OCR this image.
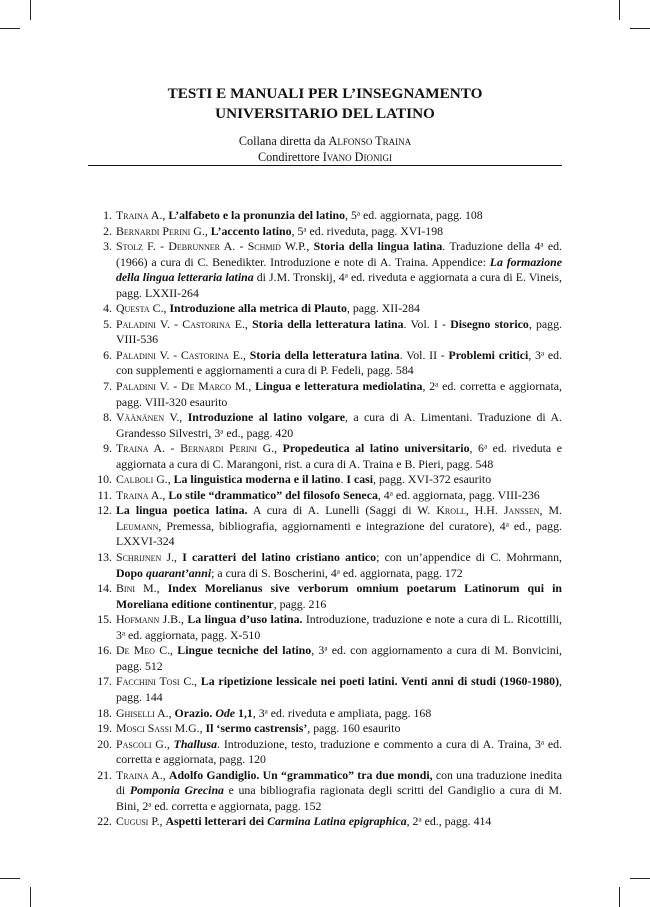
TESTI E MANUALI PER L’INSEGNAMENTO
UNIVERSITARIO DEL LATINO
Collana diretta da Alfonso Traina
Condirettore Ivano Dionigi
1. Traina A., L’alfabeto e la pronunzia del latino, 5$^a$ ed. aggiornata, pagg. 108
2. Bernardi Perini G., L’accento latino, 5$^a$ ed. riveduta, pagg. XVI-198
3. Stolz F. - Debrunner A. - Schmid W.P., Storia della lingua latina. Traduzione della 4$^a$ ed. (1966) a cura di C. Benedikter. Introduzione e note di A. Traina. Appendice: La formazione della lingua letteraria latina di J.M. Tronskij, 4$^a$ ed. riveduta e aggiornata a cura di E. Vineis, pagg. LXXII-264
4. Questa C., Introduzione alla metrica di Plauto, pagg. XII-284
5. Paladini V. - Castorina E., Storia della letteratura latina. Vol. I - Disegno storico, pagg. VIII-536
6. Paladini V. - Castorina E., Storia della letteratura latina. Vol. II - Problemi critici, 3$^a$ ed. con supplementi e aggiornamenti a cura di P. Fedeli, pagg. 584
7. Paladini V. - De Marco M., Lingua e letteratura mediolatina, 2$^a$ ed. corretta e aggiornata, pagg. VIII-320 esaurito
8. Väänänen V., Introduzione al latino volgare, a cura di A. Limentani. Traduzione di A. Grandesso Silvestri, 3$^a$ ed., pagg. 420
9. Traina A. - Bernardi Perini G., Propedeutica al latino universitario, 6$^a$ ed. riveduta e aggiornata a cura di C. Marangoni, rist. a cura di A. Traina e B. Pieri, pagg. 548
10. Calboli G., La linguistica moderna e il latino. I casi, pagg. XVI-372 esaurito
11. Traina A., Lo stile “drammatico” del filosofo Seneca, 4$^a$ ed. aggiornata, pagg. VIII-236
12. La lingua poetica latina. A cura di A. Lunelli (Saggi di W. Kroll, H.H. Janssen, M. Leumann, Premessa, bibliografia, aggiornamenti e integrazione del curatore), 4$^a$ ed., pagg. LXXVI-324
13. Schrijnen J., I caratteri del latino cristiano antico; con un’appendice di C. Mohrmann, Dopo quarant’anni; a cura di S. Boscherini, 4$^a$ ed. aggiornata, pagg. 172
14. Bini M., Index Morelianus sive verborum omnium poetarum Latinorum qui in Moreliana editione continentur, pagg. 216
15. Hofmann J.B., La lingua d’uso latina. Introduzione, traduzione e note a cura di L. Ricottilli, 3$^a$ ed. aggiornata, pagg. X-510
16. De Meo C., Lingue tecniche del latino, 3$^a$ ed. con aggiornamento a cura di M. Bonvicini, pagg. 512
17. Facchini Tosi C., La ripetizione lessicale nei poeti latini. Venti anni di studi (1960-1980), pagg. 144
18. Ghiselli A., Orazio. Ode 1,1, 3$^a$ ed. riveduta e ampliata, pagg. 168
19. Mosci Sassi M.G., Il ‘sermo castrensis’, pagg. 160 esaurito
20. Pascoli G., Thallusa. Introduzione, testo, traduzione e commento a cura di A. Traina, 3$^a$ ed. corretta e aggiornata, pagg. 120
21. Traina A., Adolfo Gandiglio. Un “grammatico” tra due mondi, con una traduzione inedita di Pomponia Grecina e una bibliografia ragionata degli scritti del Gandiglio a cura di M. Bini, 2$^a$ ed. corretta e aggiornata, pagg. 152
22. Cugusi P., Aspetti letterari dei Carmina Latina epigraphica, 2$^a$ ed., pagg. 414
